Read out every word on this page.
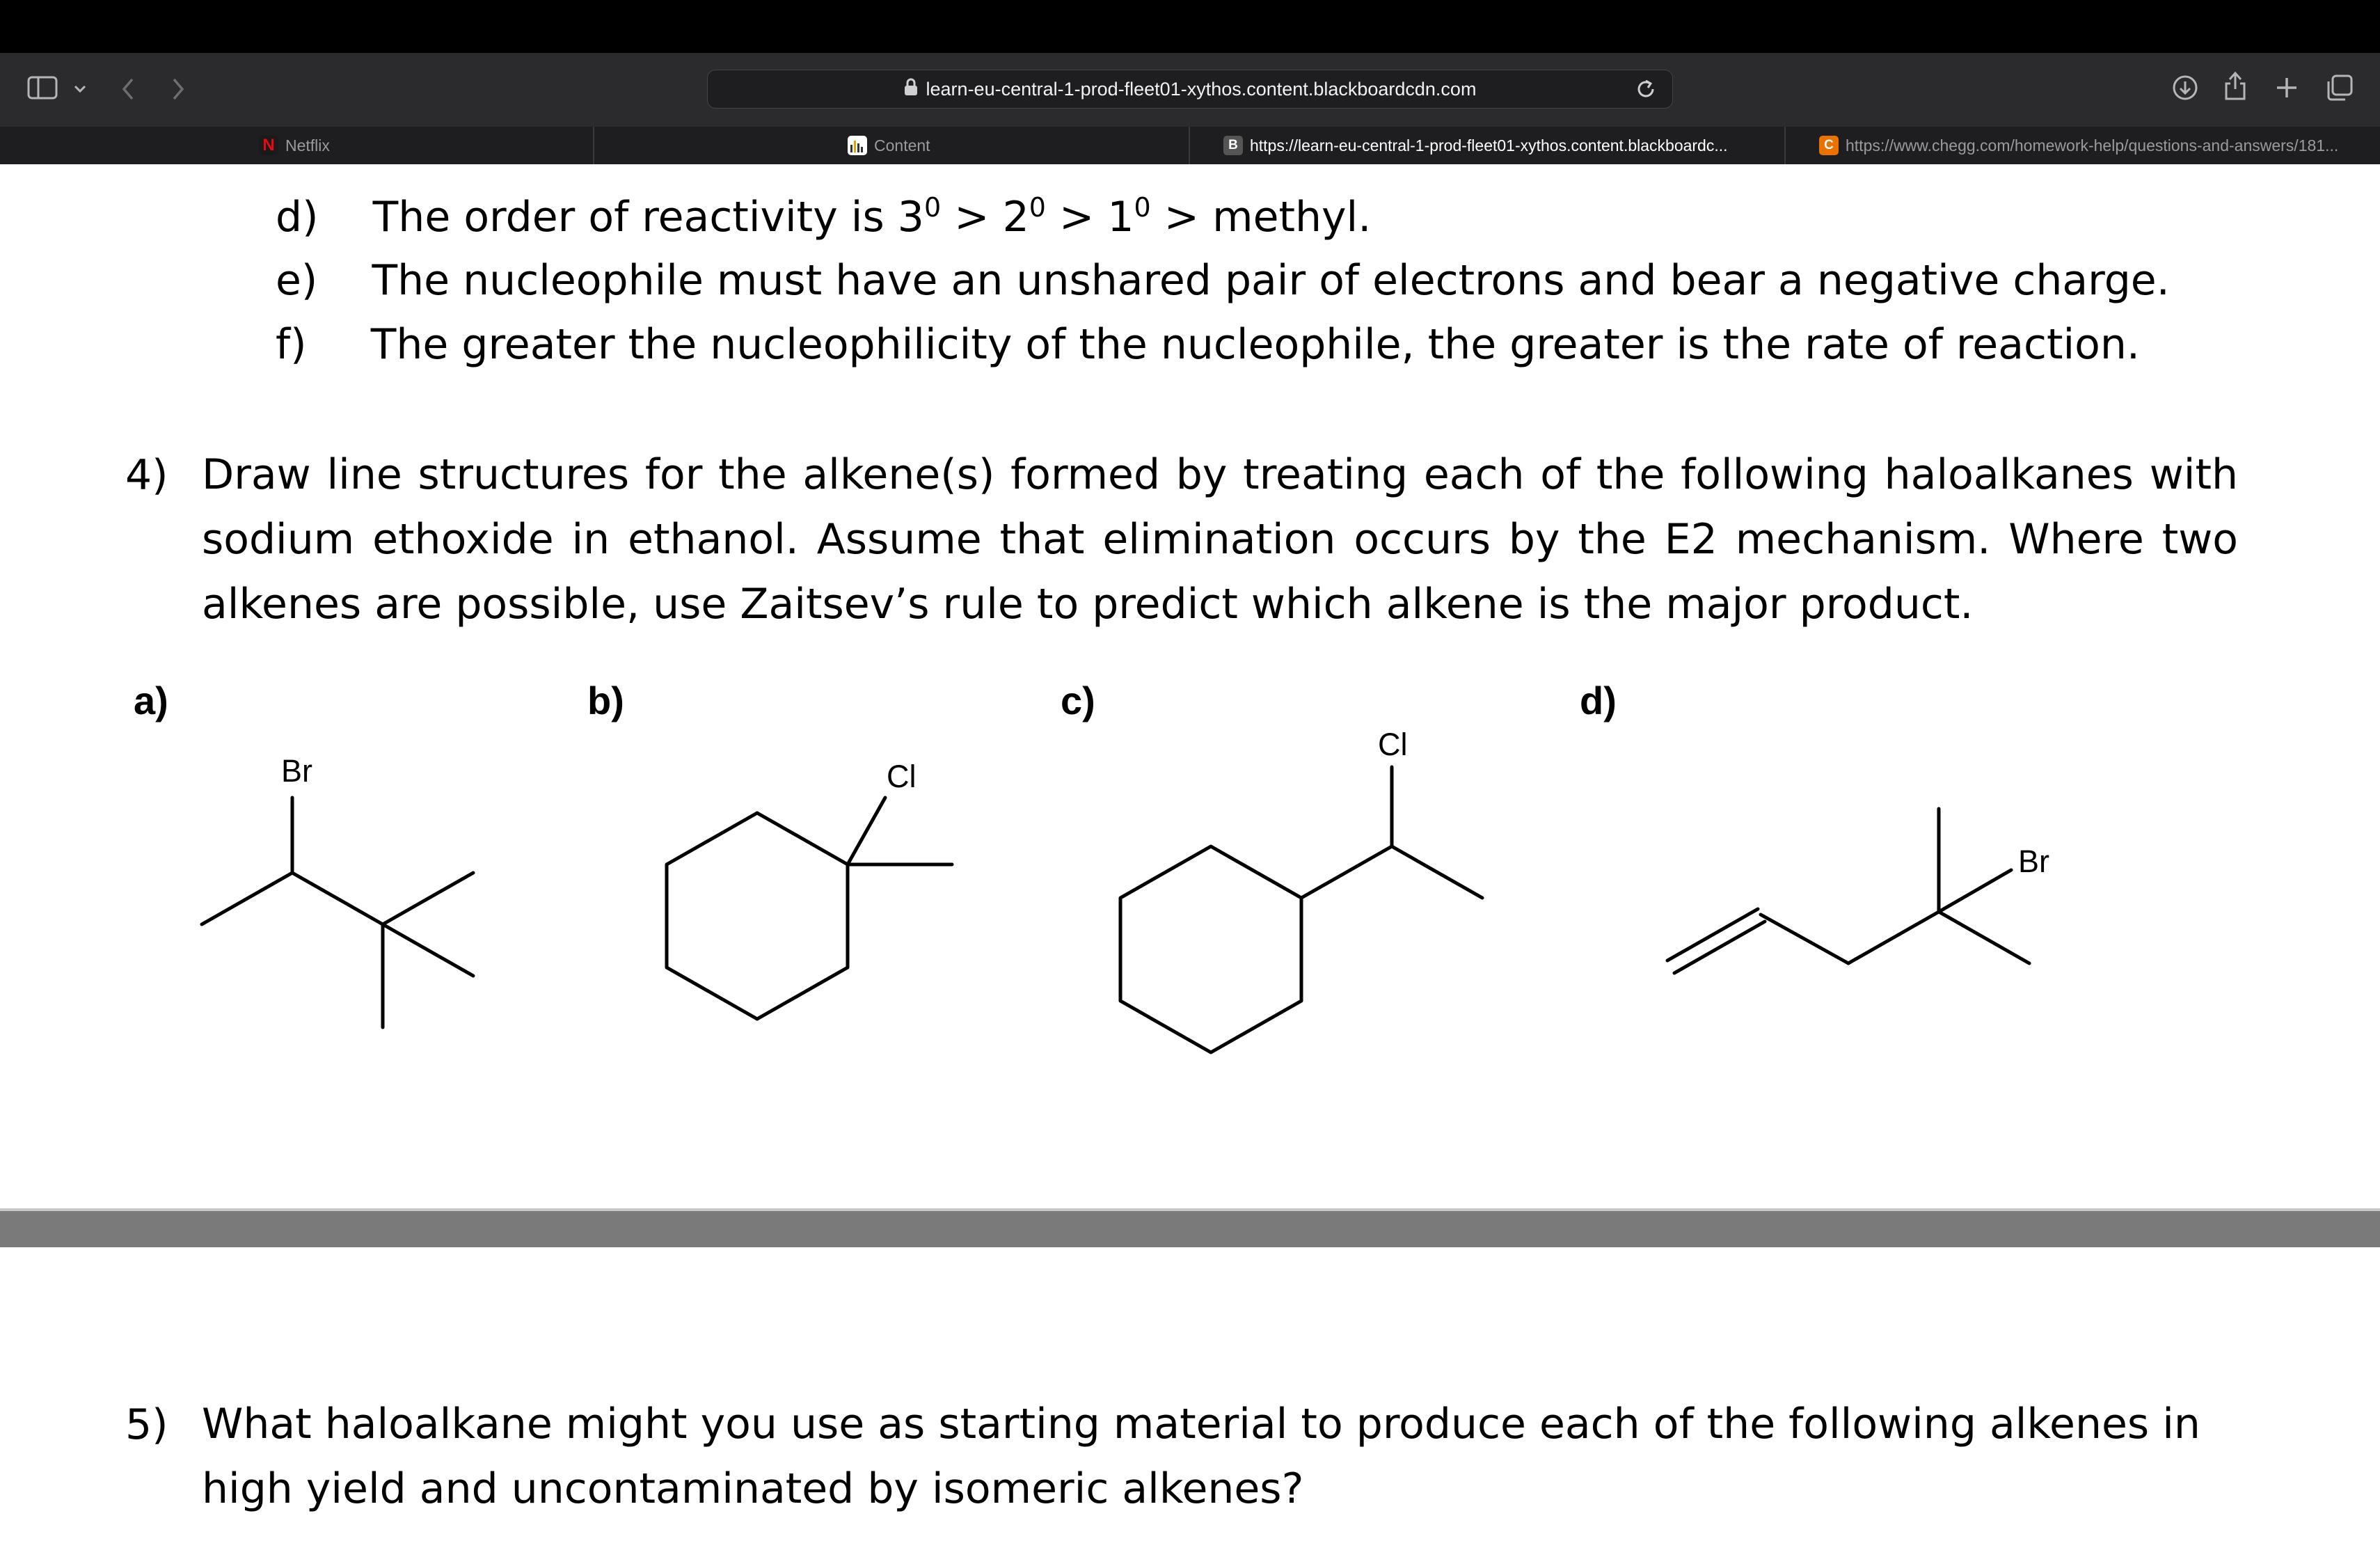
learn-eu-central-1-prod-fleet01-xythos.content.blackboardcdn.com
N Netflix	Content	B https://learn-eu-central-1-prod-fleet01-xythos.content.blackboardc...	C https://www.chegg.com/homework-help/questions-and-answers/181...
d) The order of reactivity is $3^0 > 2^0 > 1^0$ > methyl.
e) The nucleophile must have an unshared pair of electrons and bear a negative charge.
f) The greater the nucleophilicity of the nucleophile, the greater is the rate of reaction.
4) Draw line structures for the alkene(s) formed by treating each of the following haloalkanes with sodium ethoxide in ethanol. Assume that elimination occurs by the E2 mechanism. Where two alkenes are possible, use Zaitsev’s rule to predict which alkene is the major product.
a)	b)	c)	d)
Br	Cl
Cl
Br
5) What haloalkane might you use as starting material to produce each of the following alkenes in high yield and uncontaminated by isomeric alkenes?
